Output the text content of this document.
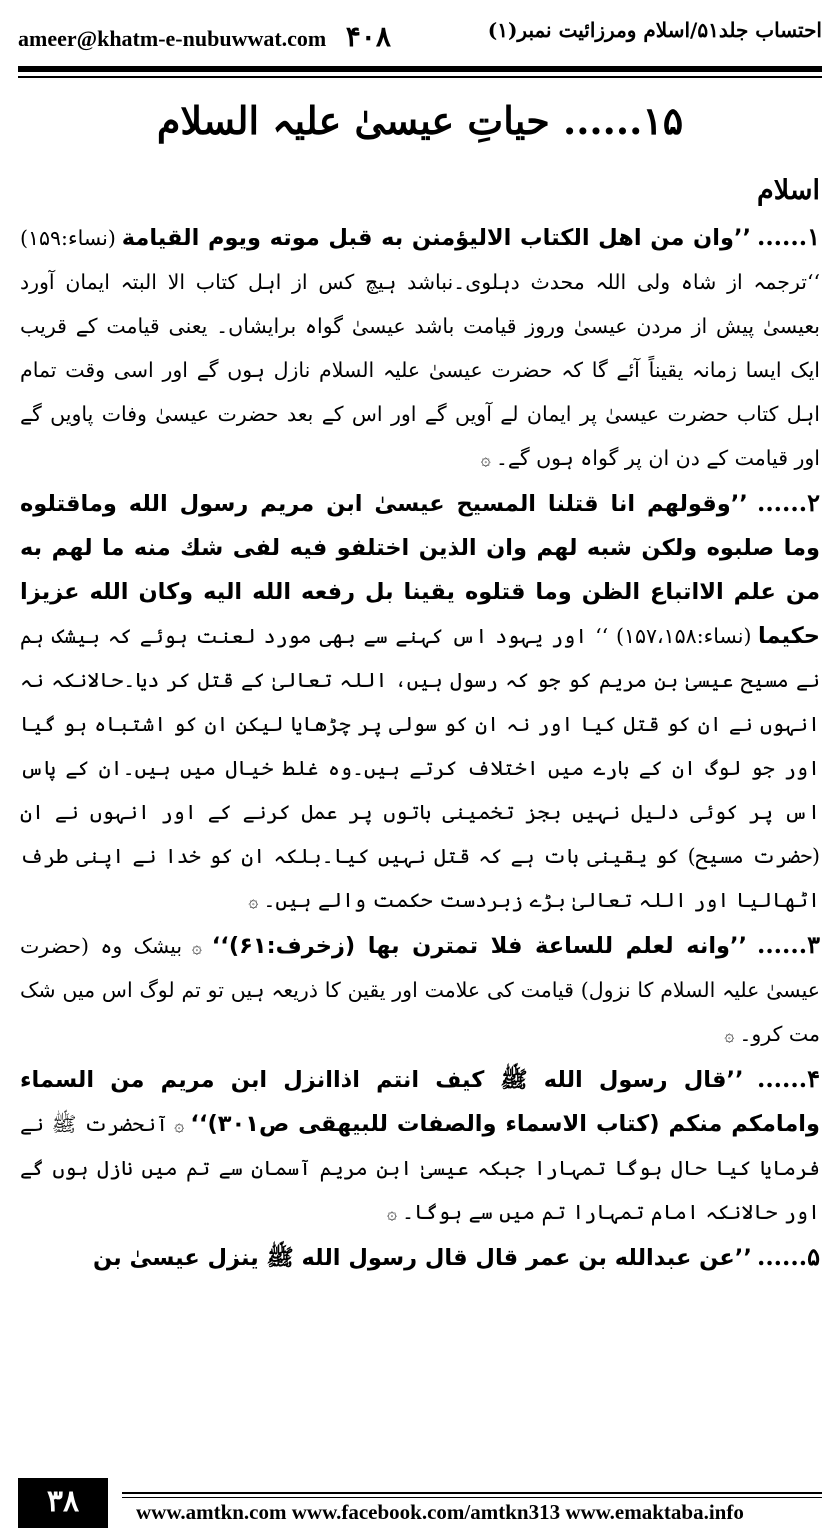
ameer@khatm-e-nubuwwat.com ۴۰۸	احتساب جلد۵۱/اسلام ومرزائیت نمبر(۱)
۱۵...... حیاتِ عیسیٰ علیہ السلام

اسلام

۱...... ’’وان من اهل الکتاب الالیؤمنن به قبل موته ویوم القیامة (نساء:۱۵۹) ‘‘ترجمہ از شاہ ولی اللہ محدث دہلوی۔نباشد ہیچ کس از اہل کتاب الا البتہ ایمان آورد بعیسیٰ پیش از مردن عیسیٰ وروز قیامت باشد عیسیٰ گواہ برایشاں۔ یعنی قیامت کے قریب ایک ایسا زمانہ یقیناً آئے گا کہ حضرت عیسیٰ علیہ السلام نازل ہوں گے اور اسی وقت تمام اہل کتاب حضرت عیسیٰ پر ایمان لے آویں گے اور اس کے بعد حضرت عیسیٰ وفات پاویں گے اور قیامت کے دن ان پر گواہ ہوں گے۔ ۞

۲...... ’’وقولهم انا قتلنا المسیح عیسیٰ ابن مریم رسول الله وماقتلوه وما صلبوه ولکن شبه لهم وان الذین اختلفو فیه لفی شك منه ما لهم به من علم الااتباع الظن وما قتلوه یقینا بل رفعه الله الیه وکان الله عزیزا حکیما (نساء:۱۵۷،۱۵۸) ‘‘ اور یہود اس کہنے سے بھی مورد لعنت ہوئے کہ بیشک ہم نے مسیح عیسیٰ بن مریم کو جو کہ رسول ہیں، اللہ تعالیٰ کے قتل کر دیا۔حالانکہ نہ انہوں نے ان کو قتل کیا اور نہ ان کو سولی پر چڑھایا لیکن ان کو اشتباہ ہو گیا اور جو لوگ ان کے بارے میں اختلاف کرتے ہیں۔وہ غلط خیال میں ہیں۔ان کے پاس اس پر کوئی دلیل نہیں بجز تخمینی باتوں پر عمل کرنے کے اور انہوں نے ان (حضرت مسیح) کو یقینی بات ہے کہ قتل نہیں کیا۔بلکہ ان کو خدا نے اپنی طرف اٹھالیا اور اللہ تعالیٰ بڑے زبردست حکمت والے ہیں۔ ۞

۳...... ’’وانه لعلم للساعة فلا تمترن بها (زخرف:۶۱)‘‘ ۞ بیشک وہ (حضرت عیسیٰ علیہ السلام کا نزول) قیامت کی علامت اور یقین کا ذریعہ ہیں تو تم لوگ اس میں شک مت کرو۔ ۞

۴...... ’’قال رسول الله ﷺ کیف انتم اذاانزل ابن مریم من السماء وامامکم منکم (کتاب الاسماء والصفات للبیهقی ص۳۰۱)‘‘ ۞ آنحضرت ﷺ نے فرمایا کیا حال ہوگا تمہارا جبکہ عیسیٰ ابن مریم آسمان سے تم میں نازل ہوں گے اور حالانکہ امام تمہارا تم میں سے ہوگا۔ ۞

۵...... ’’عن عبدالله بن عمر قال قال رسول الله ﷺ ینزل عیسیٰ بن

۳۸	www.amtkn.com www.facebook.com/amtkn313 www.emaktaba.info
